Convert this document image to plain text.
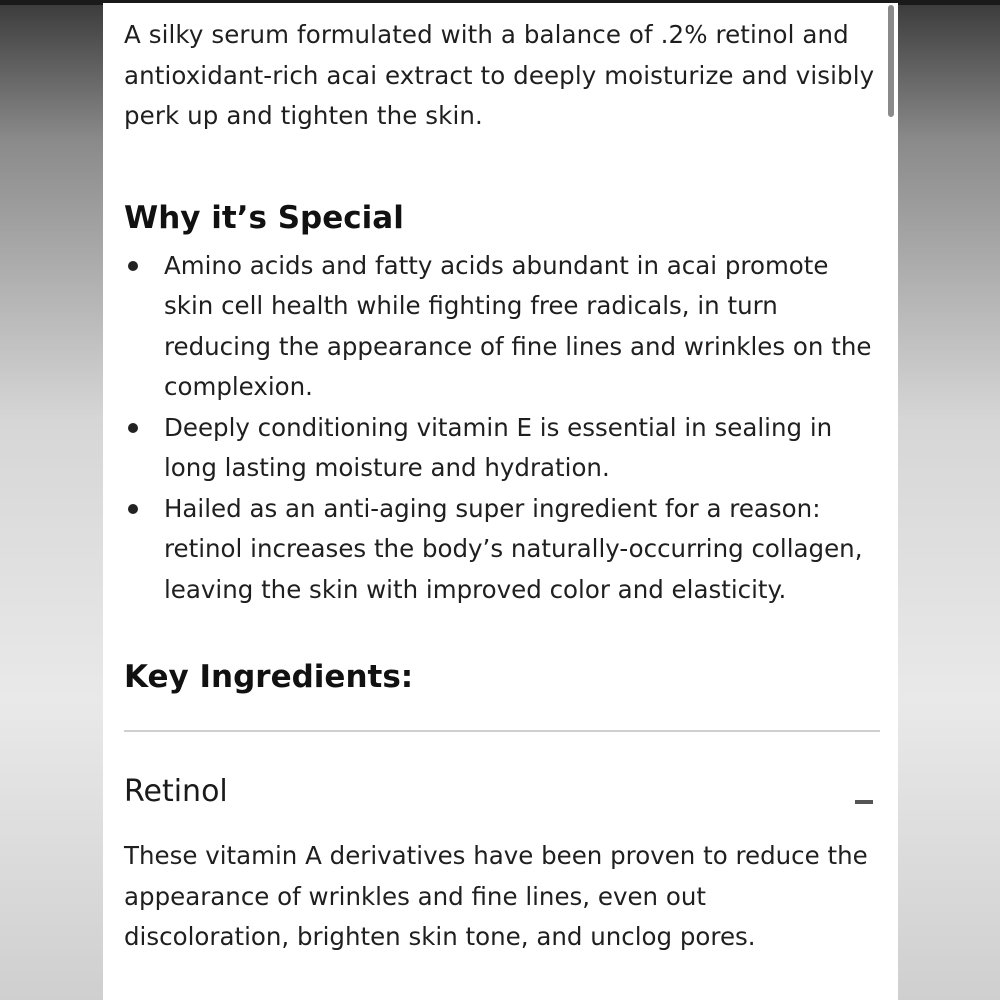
A silky serum formulated with a balance of .2% retinol and antioxidant-rich acai extract to deeply moisturize and visibly perk up and tighten the skin.

Why it’s Special
Amino acids and fatty acids abundant in acai promote skin cell health while fighting free radicals, in turn reducing the appearance of fine lines and wrinkles on the complexion.
Deeply conditioning vitamin E is essential in sealing in long lasting moisture and hydration.
Hailed as an anti-aging super ingredient for a reason: retinol increases the body’s naturally-occurring collagen, leaving the skin with improved color and elasticity.
Key Ingredients:
Retinol

These vitamin A derivatives have been proven to reduce the appearance of wrinkles and fine lines, even out discoloration, brighten skin tone, and unclog pores.
